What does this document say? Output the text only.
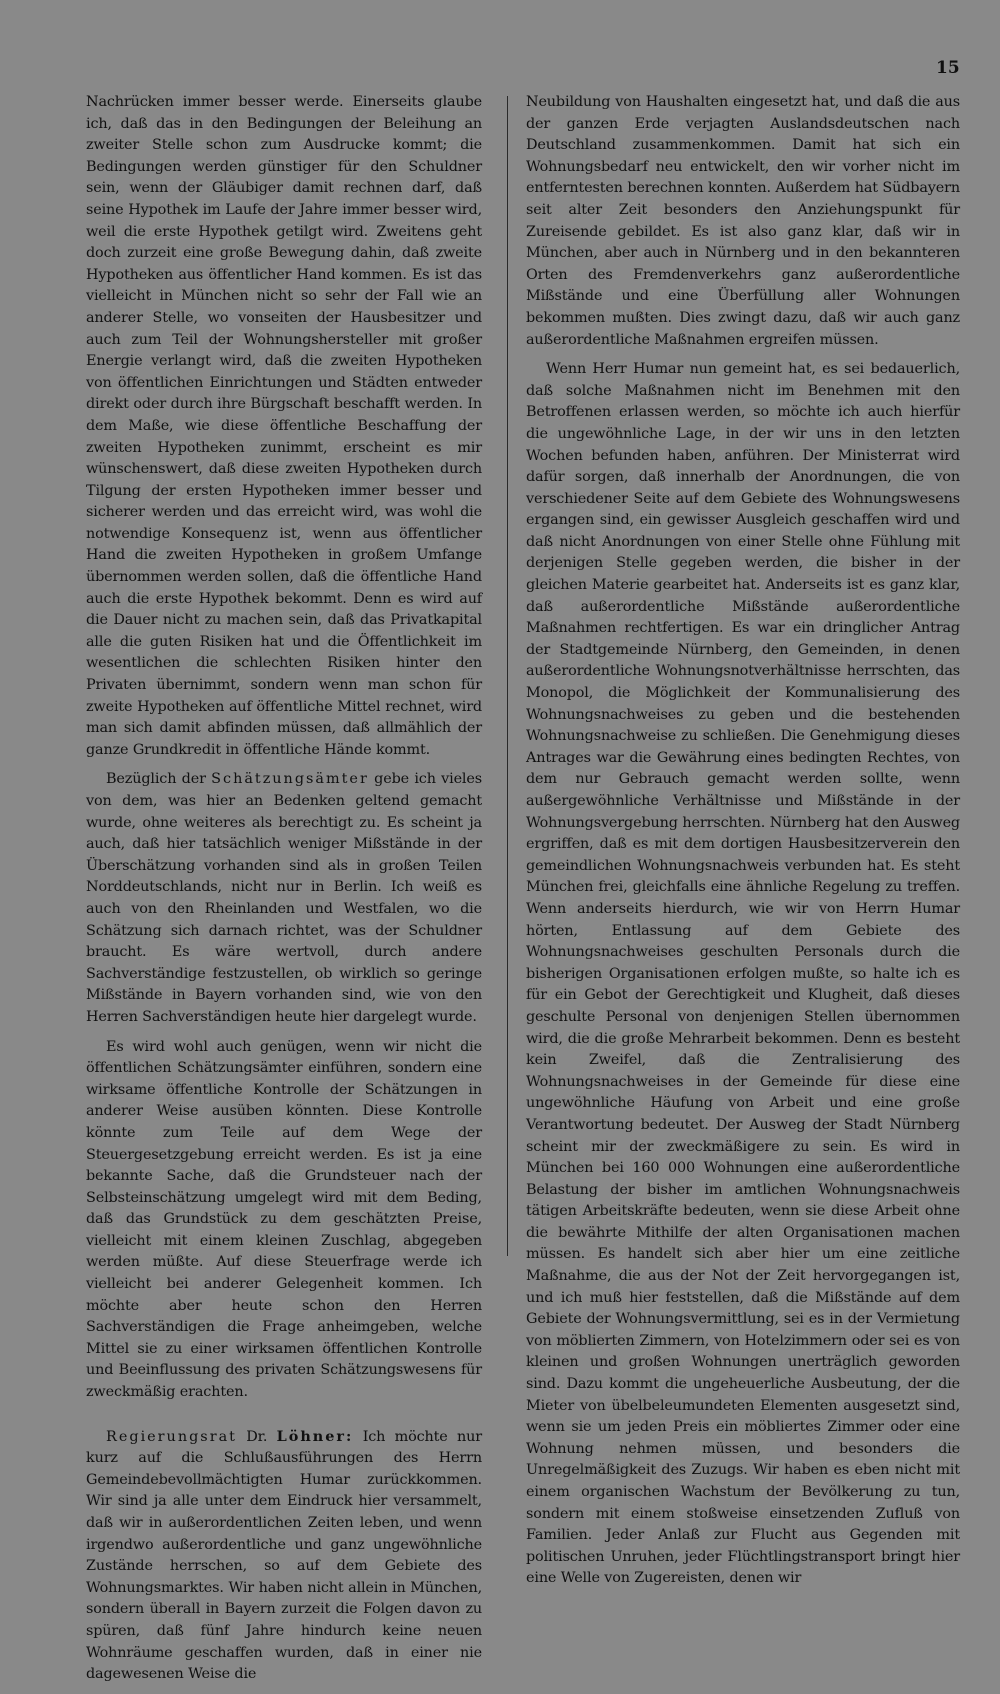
15

Nachrücken immer besser werde. Einerseits glaube ich, daß das in den Bedingungen der Beleihung an zweiter Stelle schon zum Ausdrucke kommt; die Bedingungen werden günstiger für den Schuldner sein, wenn der Gläubiger damit rechnen darf, daß seine Hypothek im Laufe der Jahre immer besser wird, weil die erste Hypothek getilgt wird. Zweitens geht doch zurzeit eine große Bewegung dahin, daß zweite Hypotheken aus öffentlicher Hand kommen. Es ist das vielleicht in München nicht so sehr der Fall wie an anderer Stelle, wo vonseiten der Hausbesitzer und auch zum Teil der Wohnungshersteller mit großer Energie verlangt wird, daß die zweiten Hypotheken von öffentlichen Einrichtungen und Städten entweder direkt oder durch ihre Bürgschaft beschafft werden. In dem Maße, wie diese öffentliche Beschaffung der zweiten Hypotheken zunimmt, erscheint es mir wünschenswert, daß diese zweiten Hypotheken durch Tilgung der ersten Hypotheken immer besser und sicherer werden und das erreicht wird, was wohl die notwendige Konsequenz ist, wenn aus öffentlicher Hand die zweiten Hypotheken in großem Umfange übernommen werden sollen, daß die öffentliche Hand auch die erste Hypothek bekommt. Denn es wird auf die Dauer nicht zu machen sein, daß das Privatkapital alle die guten Risiken hat und die Öffentlichkeit im wesentlichen die schlechten Risiken hinter den Privaten übernimmt, sondern wenn man schon für zweite Hypotheken auf öffentliche Mittel rechnet, wird man sich damit abfinden müssen, daß allmählich der ganze Grundkredit in öffentliche Hände kommt.

Bezüglich der Schätzungsämter gebe ich vieles von dem, was hier an Bedenken geltend gemacht wurde, ohne weiteres als berechtigt zu. Es scheint ja auch, daß hier tatsächlich weniger Mißstände in der Überschätzung vorhanden sind als in großen Teilen Norddeutschlands, nicht nur in Berlin. Ich weiß es auch von den Rheinlanden und Westfalen, wo die Schätzung sich darnach richtet, was der Schuldner braucht. Es wäre wertvoll, durch andere Sachverständige festzustellen, ob wirklich so geringe Mißstände in Bayern vorhanden sind, wie von den Herren Sachverständigen heute hier dargelegt wurde.

Es wird wohl auch genügen, wenn wir nicht die öffentlichen Schätzungsämter einführen, sondern eine wirksame öffentliche Kontrolle der Schätzungen in anderer Weise ausüben könnten. Diese Kontrolle könnte zum Teile auf dem Wege der Steuergesetzgebung erreicht werden. Es ist ja eine bekannte Sache, daß die Grundsteuer nach der Selbsteinschätzung umgelegt wird mit dem Beding, daß das Grundstück zu dem geschätzten Preise, vielleicht mit einem kleinen Zuschlag, abgegeben werden müßte. Auf diese Steuerfrage werde ich vielleicht bei anderer Gelegenheit kommen. Ich möchte aber heute schon den Herren Sachverständigen die Frage anheimgeben, welche Mittel sie zu einer wirksamen öffentlichen Kontrolle und Beeinflussung des privaten Schätzungswesens für zweckmäßig erachten.

Regierungsrat Dr. Löhner: Ich möchte nur kurz auf die Schlußausführungen des Herrn Gemeindebevollmächtigten Humar zurückkommen. Wir sind ja alle unter dem Eindruck hier versammelt, daß wir in außerordentlichen Zeiten leben, und wenn irgendwo außerordentliche und ganz ungewöhnliche Zustände herrschen, so auf dem Gebiete des Wohnungsmarktes. Wir haben nicht allein in München, sondern überall in Bayern zurzeit die Folgen davon zu spüren, daß fünf Jahre hindurch keine neuen Wohnräume geschaffen wurden, daß in einer nie dagewesenen Weise die

Neubildung von Haushalten eingesetzt hat, und daß die aus der ganzen Erde verjagten Auslandsdeutschen nach Deutschland zusammenkommen. Damit hat sich ein Wohnungsbedarf neu entwickelt, den wir vorher nicht im entferntesten berechnen konnten. Außerdem hat Südbayern seit alter Zeit besonders den Anziehungspunkt für Zureisende gebildet. Es ist also ganz klar, daß wir in München, aber auch in Nürnberg und in den bekannteren Orten des Fremdenverkehrs ganz außerordentliche Mißstände und eine Überfüllung aller Wohnungen bekommen mußten. Dies zwingt dazu, daß wir auch ganz außerordentliche Maßnahmen ergreifen müssen.

Wenn Herr Humar nun gemeint hat, es sei bedauerlich, daß solche Maßnahmen nicht im Benehmen mit den Betroffenen erlassen werden, so möchte ich auch hierfür die ungewöhnliche Lage, in der wir uns in den letzten Wochen befunden haben, anführen. Der Ministerrat wird dafür sorgen, daß innerhalb der Anordnungen, die von verschiedener Seite auf dem Gebiete des Wohnungswesens ergangen sind, ein gewisser Ausgleich geschaffen wird und daß nicht Anordnungen von einer Stelle ohne Fühlung mit derjenigen Stelle gegeben werden, die bisher in der gleichen Materie gearbeitet hat. Anderseits ist es ganz klar, daß außerordentliche Mißstände außerordentliche Maßnahmen rechtfertigen. Es war ein dringlicher Antrag der Stadtgemeinde Nürnberg, den Gemeinden, in denen außerordentliche Wohnungsnotverhältnisse herrschten, das Monopol, die Möglichkeit der Kommunalisierung des Wohnungsnachweises zu geben und die bestehenden Wohnungsnachweise zu schließen. Die Genehmigung dieses Antrages war die Gewährung eines bedingten Rechtes, von dem nur Gebrauch gemacht werden sollte, wenn außergewöhnliche Verhältnisse und Mißstände in der Wohnungsvergebung herrschten. Nürnberg hat den Ausweg ergriffen, daß es mit dem dortigen Hausbesitzerverein den gemeindlichen Wohnungsnachweis verbunden hat. Es steht München frei, gleichfalls eine ähnliche Regelung zu treffen. Wenn anderseits hierdurch, wie wir von Herrn Humar hörten, Entlassung auf dem Gebiete des Wohnungsnachweises geschulten Personals durch die bisherigen Organisationen erfolgen mußte, so halte ich es für ein Gebot der Gerechtigkeit und Klugheit, daß dieses geschulte Personal von denjenigen Stellen übernommen wird, die die große Mehrarbeit bekommen. Denn es besteht kein Zweifel, daß die Zentralisierung des Wohnungsnachweises in der Gemeinde für diese eine ungewöhnliche Häufung von Arbeit und eine große Verantwortung bedeutet. Der Ausweg der Stadt Nürnberg scheint mir der zweckmäßigere zu sein. Es wird in München bei 160 000 Wohnungen eine außerordentliche Belastung der bisher im amtlichen Wohnungsnachweis tätigen Arbeitskräfte bedeuten, wenn sie diese Arbeit ohne die bewährte Mithilfe der alten Organisationen machen müssen. Es handelt sich aber hier um eine zeitliche Maßnahme, die aus der Not der Zeit hervorgegangen ist, und ich muß hier feststellen, daß die Mißstände auf dem Gebiete der Wohnungsvermittlung, sei es in der Vermietung von möblierten Zimmern, von Hotelzimmern oder sei es von kleinen und großen Wohnungen unerträglich geworden sind. Dazu kommt die ungeheuerliche Ausbeutung, der die Mieter von übelbeleumundeten Elementen ausgesetzt sind, wenn sie um jeden Preis ein möbliertes Zimmer oder eine Wohnung nehmen müssen, und besonders die Unregelmäßigkeit des Zuzugs. Wir haben es eben nicht mit einem organischen Wachstum der Bevölkerung zu tun, sondern mit einem stoßweise einsetzenden Zufluß von Familien. Jeder Anlaß zur Flucht aus Gegenden mit politischen Unruhen, jeder Flüchtlingstransport bringt hier eine Welle von Zugereisten, denen wir
